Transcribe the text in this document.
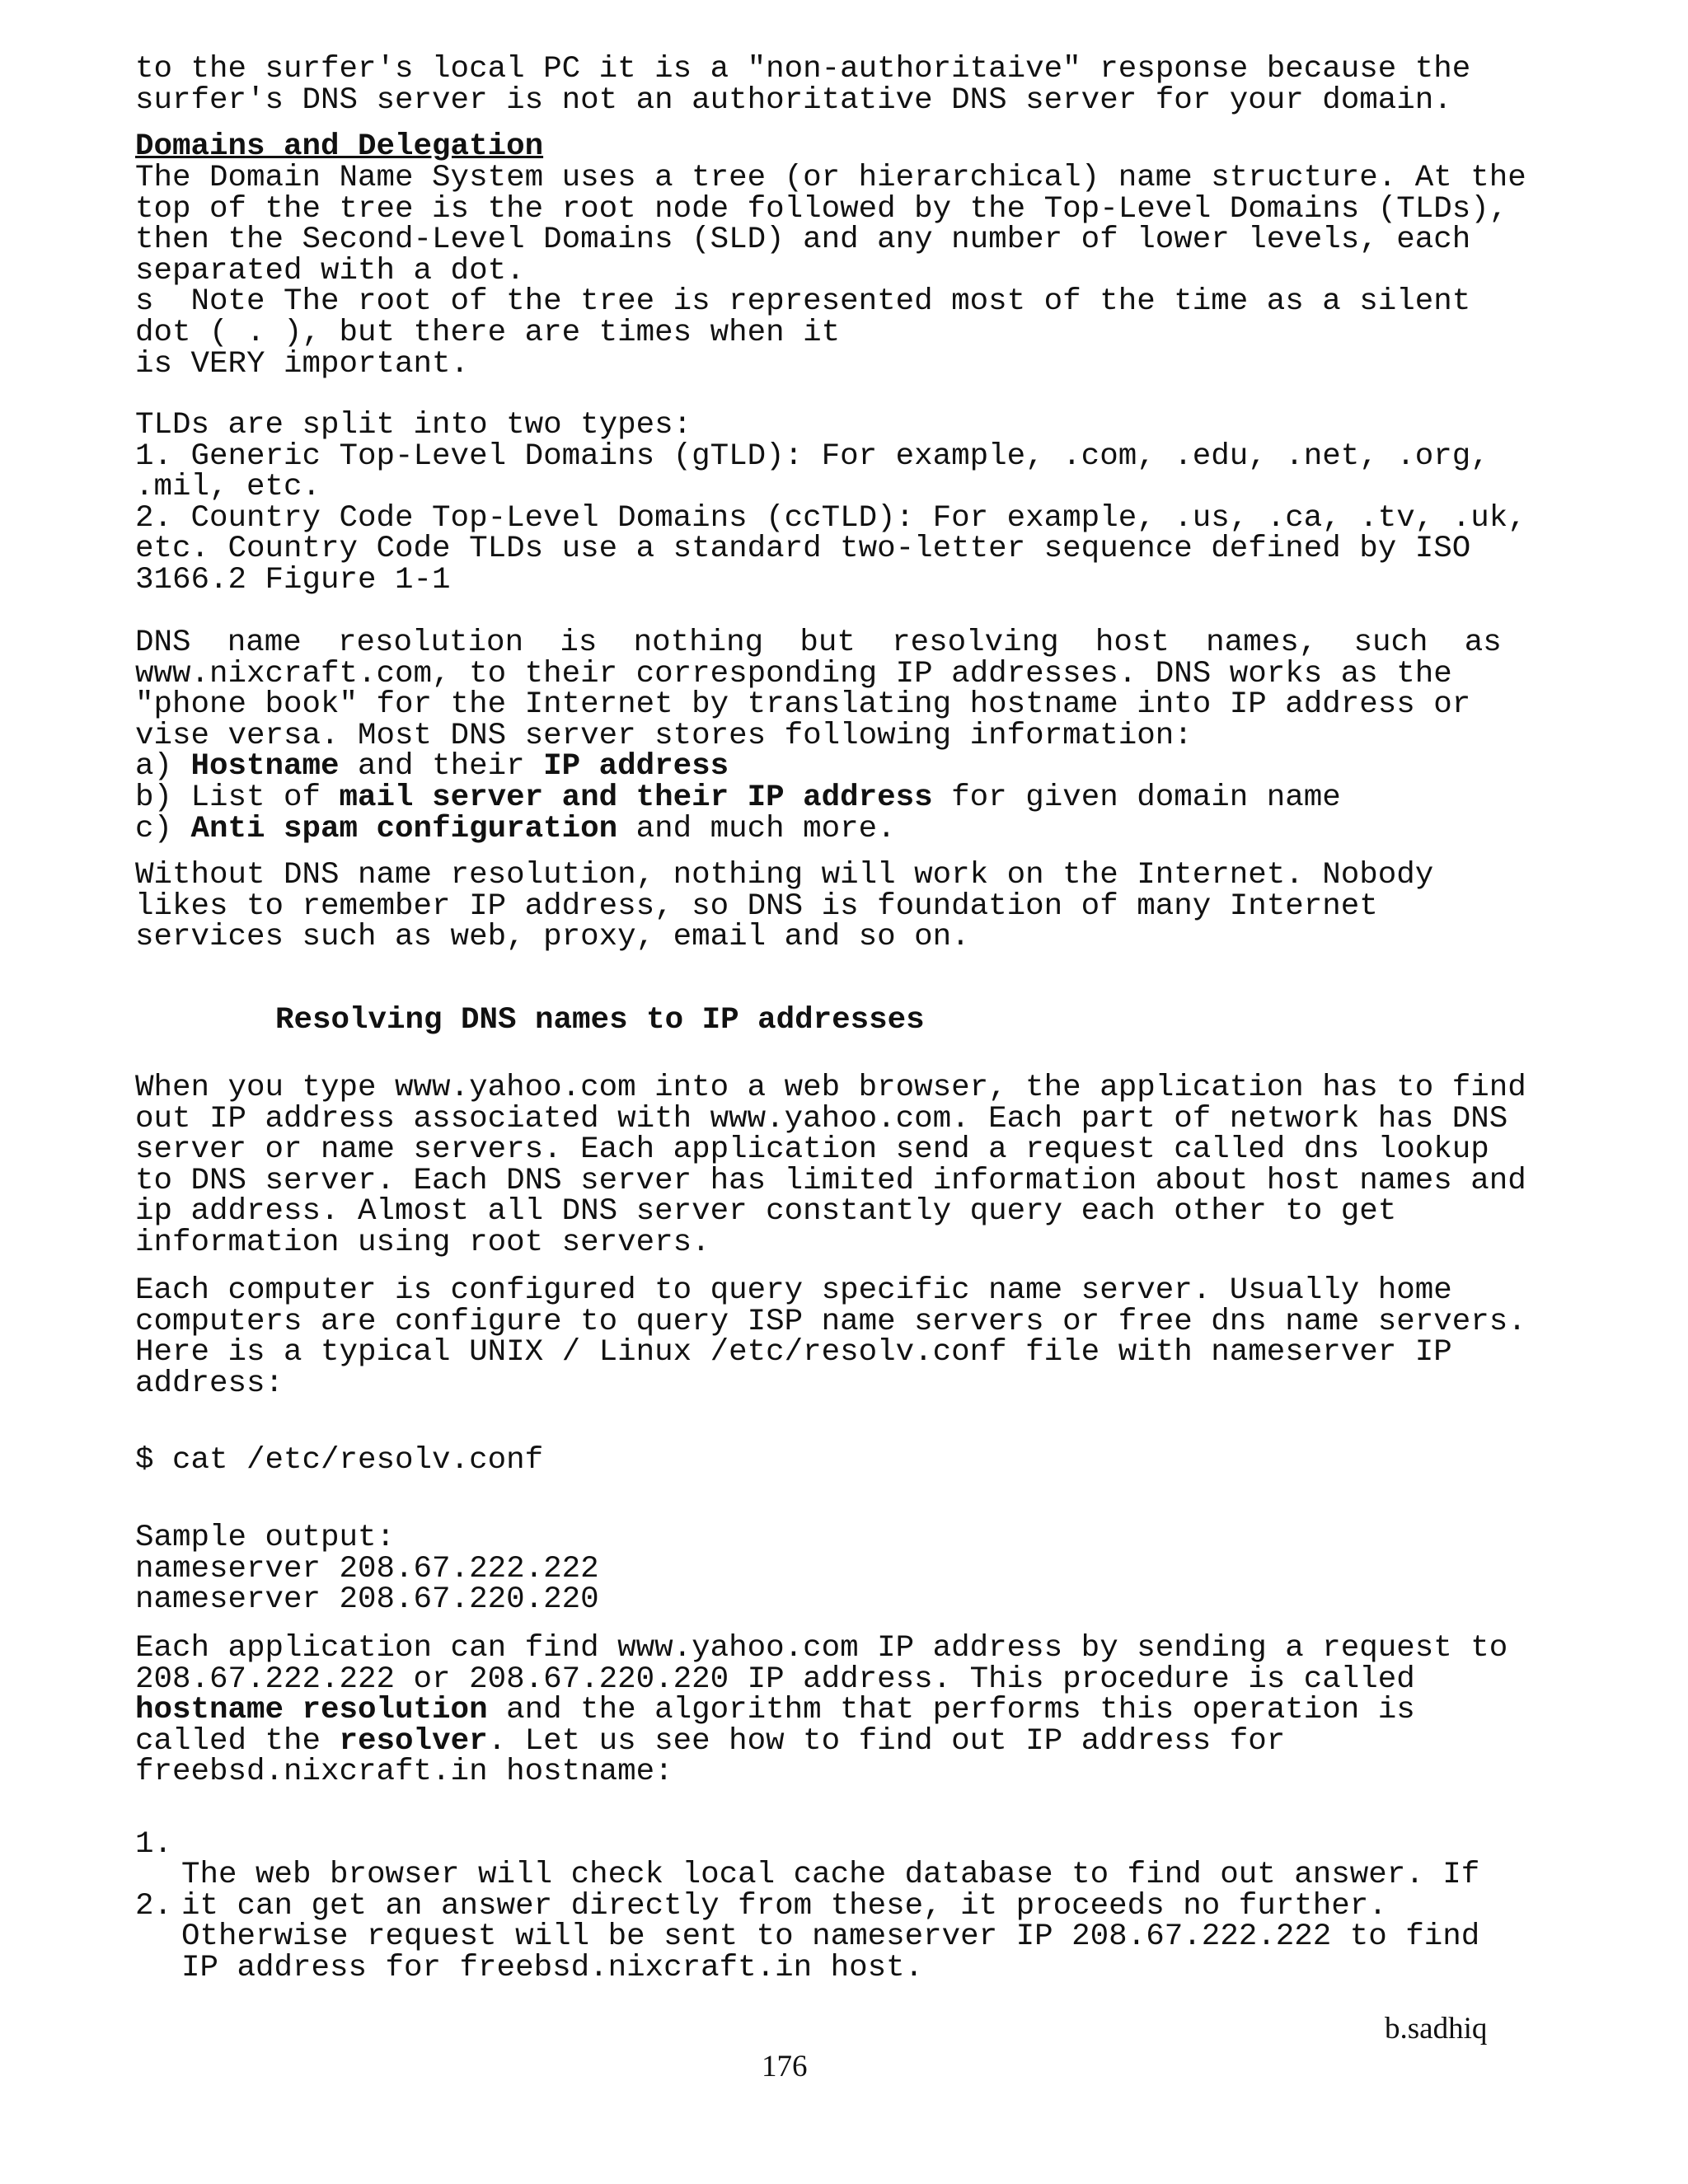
to the surfer's local PC it is a "non-authoritaive" response because the
surfer's DNS server is not an authoritative DNS server for your domain.
Domains and Delegation
The Domain Name System uses a tree (or hierarchical) name structure. At the
top of the tree is the root node followed by the Top-Level Domains (TLDs),
then the Second-Level Domains (SLD) and any number of lower levels, each
separated with a dot.
s  Note The root of the tree is represented most of the time as a silent
dot ( . ), but there are times when it
is VERY important.
TLDs are split into two types:
1. Generic Top-Level Domains (gTLD): For example, .com, .edu, .net, .org,
.mil, etc.
2. Country Code Top-Level Domains (ccTLD): For example, .us, .ca, .tv, .uk,
etc. Country Code TLDs use a standard two-letter sequence defined by ISO
3166.2 Figure 1-1
DNS name resolution is nothing but resolving host names, such as
www.nixcraft.com, to their corresponding IP addresses. DNS works as the
"phone book" for the Internet by translating hostname into IP address or
vise versa. Most DNS server stores following information:
a) Hostname and their IP address
b) List of mail server and their IP address for given domain name
c) Anti spam configuration and much more.
Without DNS name resolution, nothing will work on the Internet. Nobody
likes to remember IP address, so DNS is foundation of many Internet
services such as web, proxy, email and so on.
Resolving DNS names to IP addresses
When you type www.yahoo.com into a web browser, the application has to find
out IP address associated with www.yahoo.com. Each part of network has DNS
server or name servers. Each application send a request called dns lookup
to DNS server. Each DNS server has limited information about host names and
ip address. Almost all DNS server constantly query each other to get
information using root servers.
Each computer is configured to query specific name server. Usually home
computers are configure to query ISP name servers or free dns name servers.
Here is a typical UNIX / Linux /etc/resolv.conf file with nameserver IP
address:
$ cat /etc/resolv.conf
Sample output:
nameserver 208.67.222.222
nameserver 208.67.220.220
Each application can find www.yahoo.com IP address by sending a request to
208.67.222.222 or 208.67.220.220 IP address. This procedure is called
hostname resolution and the algorithm that performs this operation is
called the resolver. Let us see how to find out IP address for
freebsd.nixcraft.in hostname:

1.

The web browser will check local cache database to find out answer. If
it can get an answer directly from these, it proceeds no further.

2.

Otherwise request will be sent to nameserver IP 208.67.222.222 to find
IP address for freebsd.nixcraft.in host.

b.sadhiq
176
